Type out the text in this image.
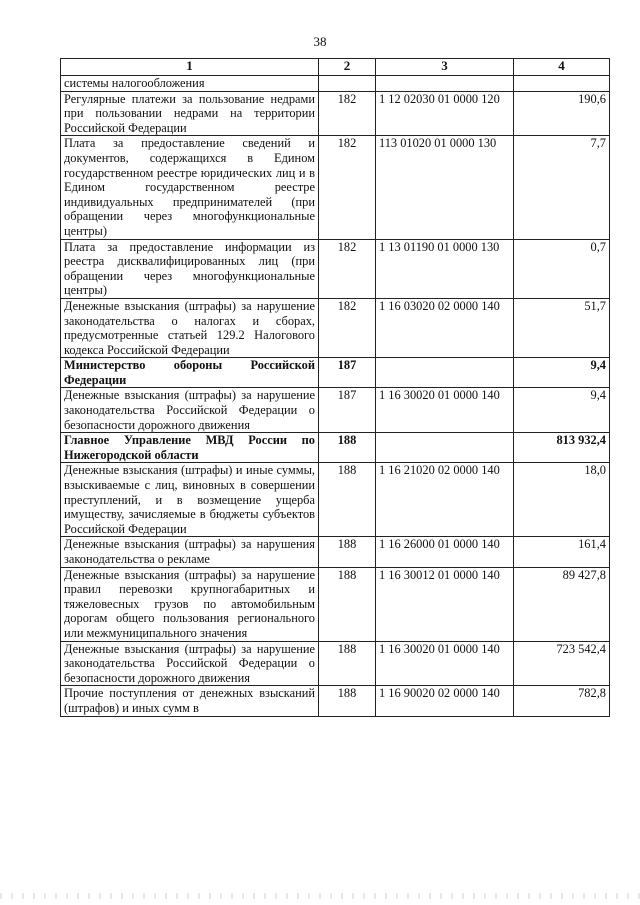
38
1	2	3	4
системы налогообложения			
Регулярные платежи за пользование недрами при пользовании недрами на территории Российской Федерации	182	1 12 02030 01 0000 120	190,6
Плата за предоставление сведений и документов, содержащихся в Едином государственном реестре юридических лиц и в Едином государственном реестре индивидуальных предпринимателей (при обращении через многофункциональные центры)	182	113 01020 01 0000 130	7,7
Плата за предоставление информации из реестра дисквалифицированных лиц (при обращении через многофункциональные центры)	182	1 13 01190 01 0000 130	0,7
Денежные взыскания (штрафы) за нарушение законодательства о налогах и сборах, предусмотренные статьей 129.2 Налогового кодекса Российской Федерации	182	1 16 03020 02 0000 140	51,7
Министерство обороны Российской Федерации	187		9,4
Денежные взыскания (штрафы) за нарушение законодательства Российской Федерации о безопасности дорожного движения	187	1 16 30020 01 0000 140	9,4
Главное Управление МВД России по Нижегородской области	188		813 932,4
Денежные взыскания (штрафы) и иные суммы, взыскиваемые с лиц, виновных в совершении преступлений, и в возмещение ущерба имуществу, зачисляемые в бюджеты субъектов Российской Федерации	188	1 16 21020 02 0000 140	18,0
Денежные взыскания (штрафы) за нарушения законодательства о рекламе	188	1 16 26000 01 0000 140	161,4
Денежные взыскания (штрафы) за нарушение правил перевозки крупногабаритных и тяжеловесных грузов по автомобильным дорогам общего пользования регионального или межмуниципального значения	188	1 16 30012 01 0000 140	89 427,8
Денежные взыскания (штрафы) за нарушение законодательства Российской Федерации о безопасности дорожного движения	188	1 16 30020 01 0000 140	723 542,4
Прочие поступления от денежных взысканий (штрафов) и иных сумм в	188	1 16 90020 02 0000 140	782,8
